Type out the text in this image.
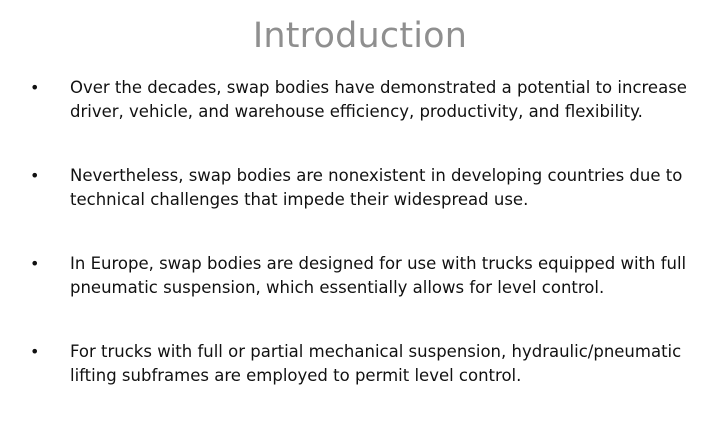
Introduction
• Over the decades, swap bodies have demonstrated a potential to increase driver, vehicle, and warehouse efficiency, productivity, and flexibility.
• Nevertheless, swap bodies are nonexistent in developing countries due to technical challenges that impede their widespread use.
• In Europe, swap bodies are designed for use with trucks equipped with full pneumatic suspension, which essentially allows for level control.
• For trucks with full or partial mechanical suspension, hydraulic/pneumatic lifting subframes are employed to permit level control.
